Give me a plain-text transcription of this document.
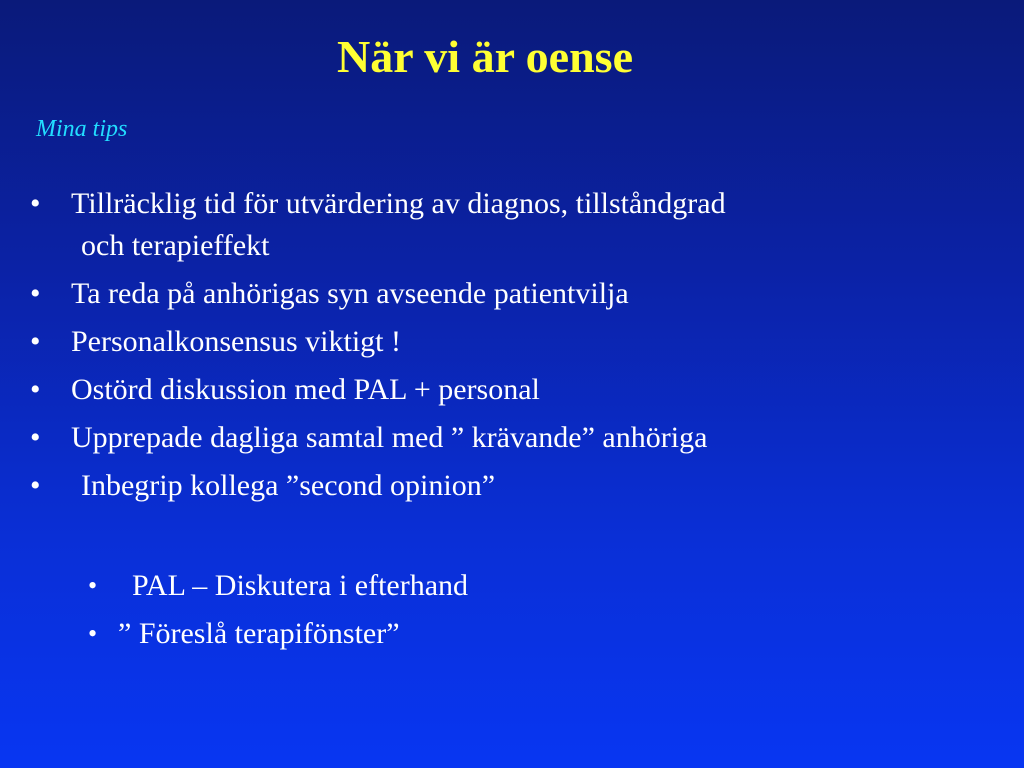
När vi är oense
Mina tips
• Tillräcklig tid för utvärdering av diagnos, tillståndgrad
och terapieffekt
• Ta reda på anhörigas syn avseende patientvilja
• Personalkonsensus viktigt !
• Ostörd diskussion med PAL + personal
• Upprepade dagliga samtal med ” krävande” anhöriga
• Inbegrip kollega ”second opinion”
• PAL – Diskutera i efterhand
• ” Föreslå terapifönster”
